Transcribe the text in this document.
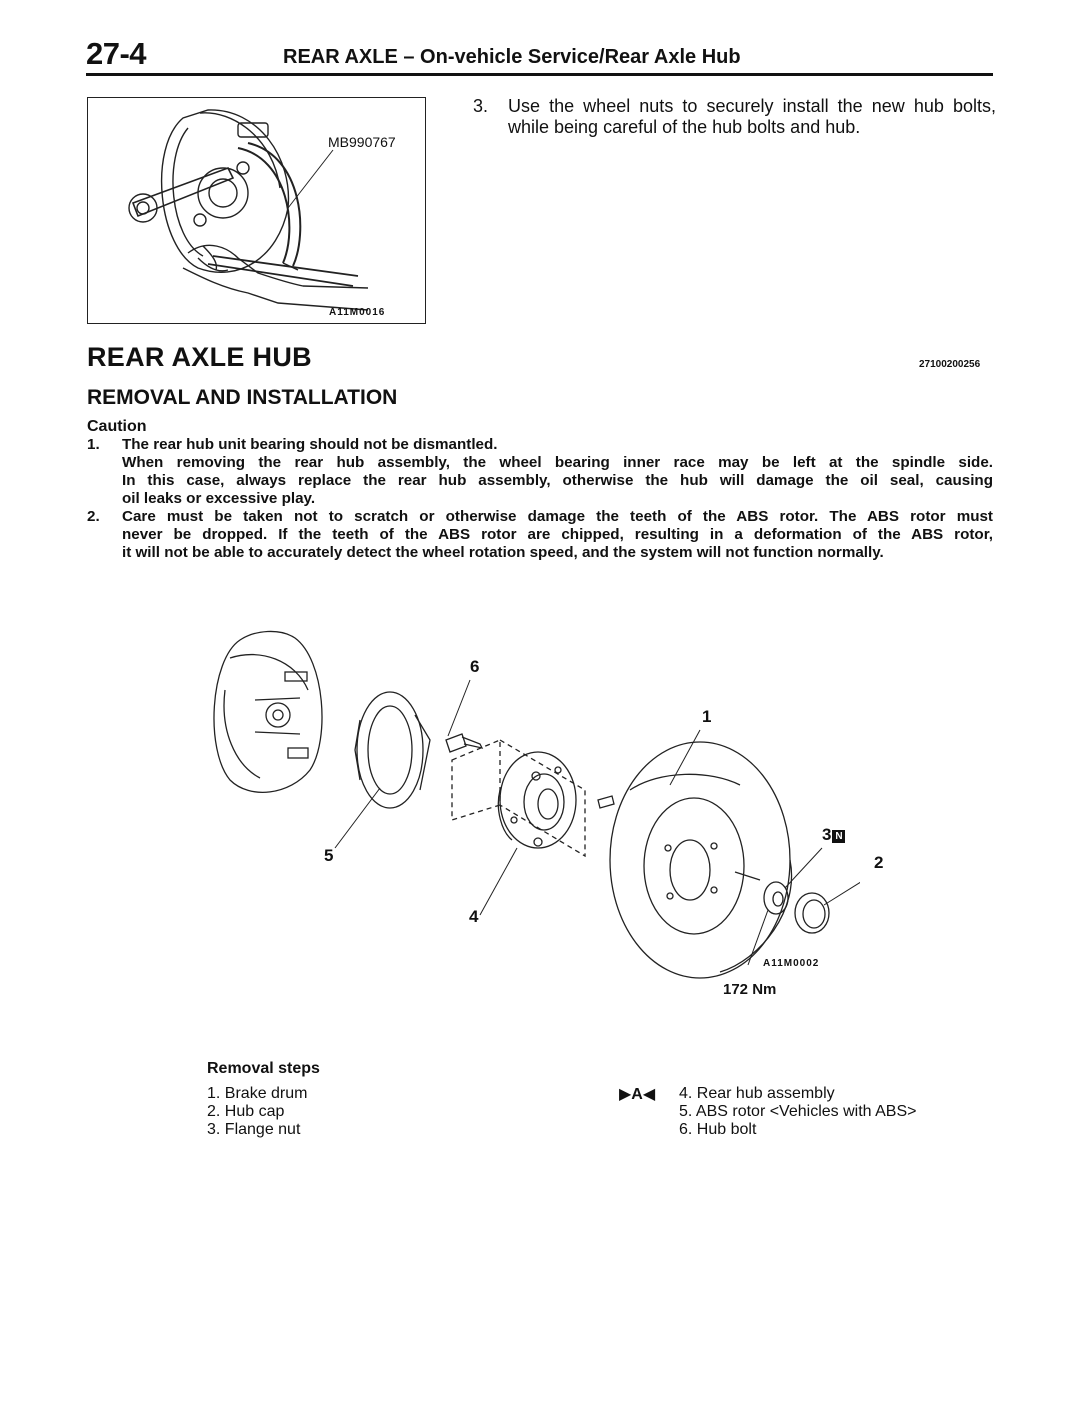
27-4	REAR AXLE – On-vehicle Service/Rear Axle Hub
MB990767
A11M0016
3. Use the wheel nuts to securely install the new hub bolts, while being careful of the hub bolts and hub.
REAR AXLE HUB	27100200256
REMOVAL AND INSTALLATION
Caution
1. The rear hub unit bearing should not be dismantled.
When removing the rear hub assembly, the wheel bearing inner race may be left at the spindle side.
In this case, always replace the rear hub assembly, otherwise the hub will damage the oil seal, causing
oil leaks or excessive play.
2. Care must be taken not to scratch or otherwise damage the teeth of the ABS rotor. The ABS rotor must
never be dropped. If the teeth of the ABS rotor are chipped, resulting in a deformation of the ABS rotor,
it will not be able to accurately detect the wheel rotation speed, and the system will not function normally.
6
1
3 N
5
4
A11M0002
172 Nm
2
Removal steps
1. Brake drum
2. Hub cap
3. Flange nut
▶A◀ 4. Rear hub assembly
5. ABS rotor <Vehicles with ABS>
6. Hub bolt
